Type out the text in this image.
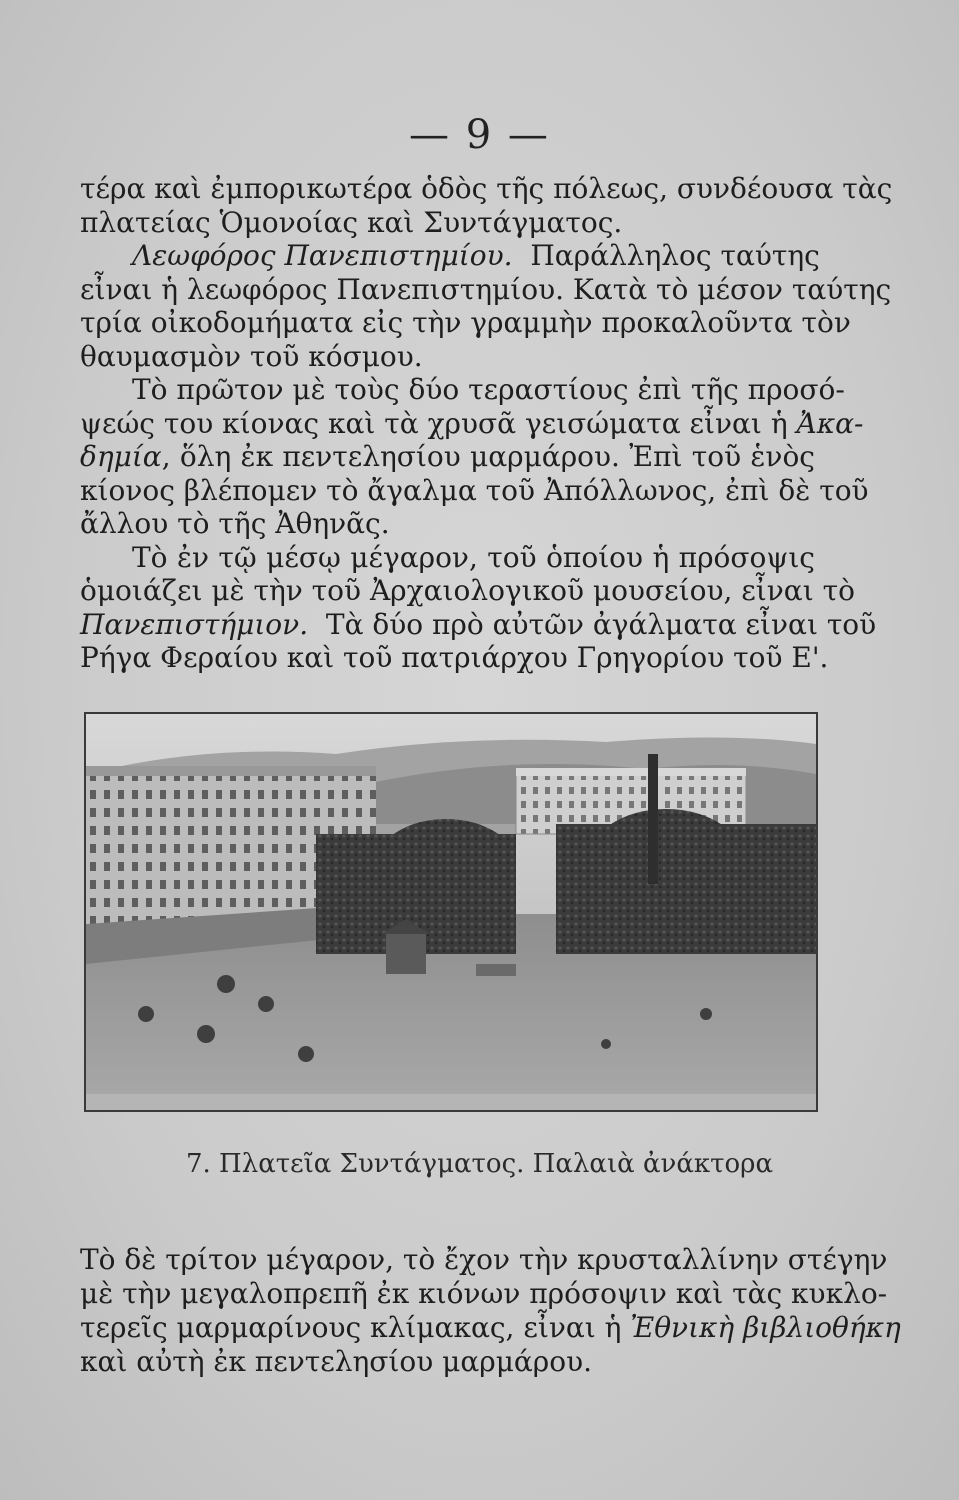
— 9 —
τέρα καὶ ἐμπορικωτέρα ὁδὸς τῆς πόλεως, συνδέουσα τὰς
πλατείας Ὁμονοίας καὶ Συντάγματος.
Λεωφόρος Πανεπιστημίου. Παράλληλος ταύτης
εἶναι ἡ λεωφόρος Πανεπιστημίου. Κατὰ τὸ μέσον ταύτης
τρία οἰκοδομήματα εἰς τὴν γραμμὴν προκαλοῦντα τὸν
θαυμασμὸν τοῦ κόσμου.
Τὸ πρῶτον μὲ τοὺς δύο τεραστίους ἐπὶ τῆς προσό-
ψεώς του κίονας καὶ τὰ χρυσᾶ γεισώματα εἶναι ἡ Ἀκα-
δημία, ὅλη ἐκ πεντελησίου μαρμάρου. Ἐπὶ τοῦ ἑνὸς
κίονος βλέπομεν τὸ ἄγαλμα τοῦ Ἀπόλλωνος, ἐπὶ δὲ τοῦ
ἄλλου τὸ τῆς Ἀθηνᾶς.
Τὸ ἐν τῷ μέσῳ μέγαρον, τοῦ ὁποίου ἡ πρόσοψις
ὁμοιάζει μὲ τὴν τοῦ Ἀρχαιολογικοῦ μουσείου, εἶναι τὸ
Πανεπιστήμιον. Τὰ δύο πρὸ αὐτῶν ἀγάλματα εἶναι τοῦ
Ρήγα Φεραίου καὶ τοῦ πατριάρχου Γρηγορίου τοῦ Ε'.
7. Πλατεῖα Συντάγματος. Παλαιὰ ἀνάκτορα
Τὸ δὲ τρίτον μέγαρον, τὸ ἔχον τὴν κρυσταλλίνην στέγην
μὲ τὴν μεγαλοπρεπῆ ἐκ κιόνων πρόσοψιν καὶ τὰς κυκλο-
τερεῖς μαρμαρίνους κλίμακας, εἶναι ἡ Ἐθνικὴ βιβλιοθήκη
καὶ αὐτὴ ἐκ πεντελησίου μαρμάρου.
